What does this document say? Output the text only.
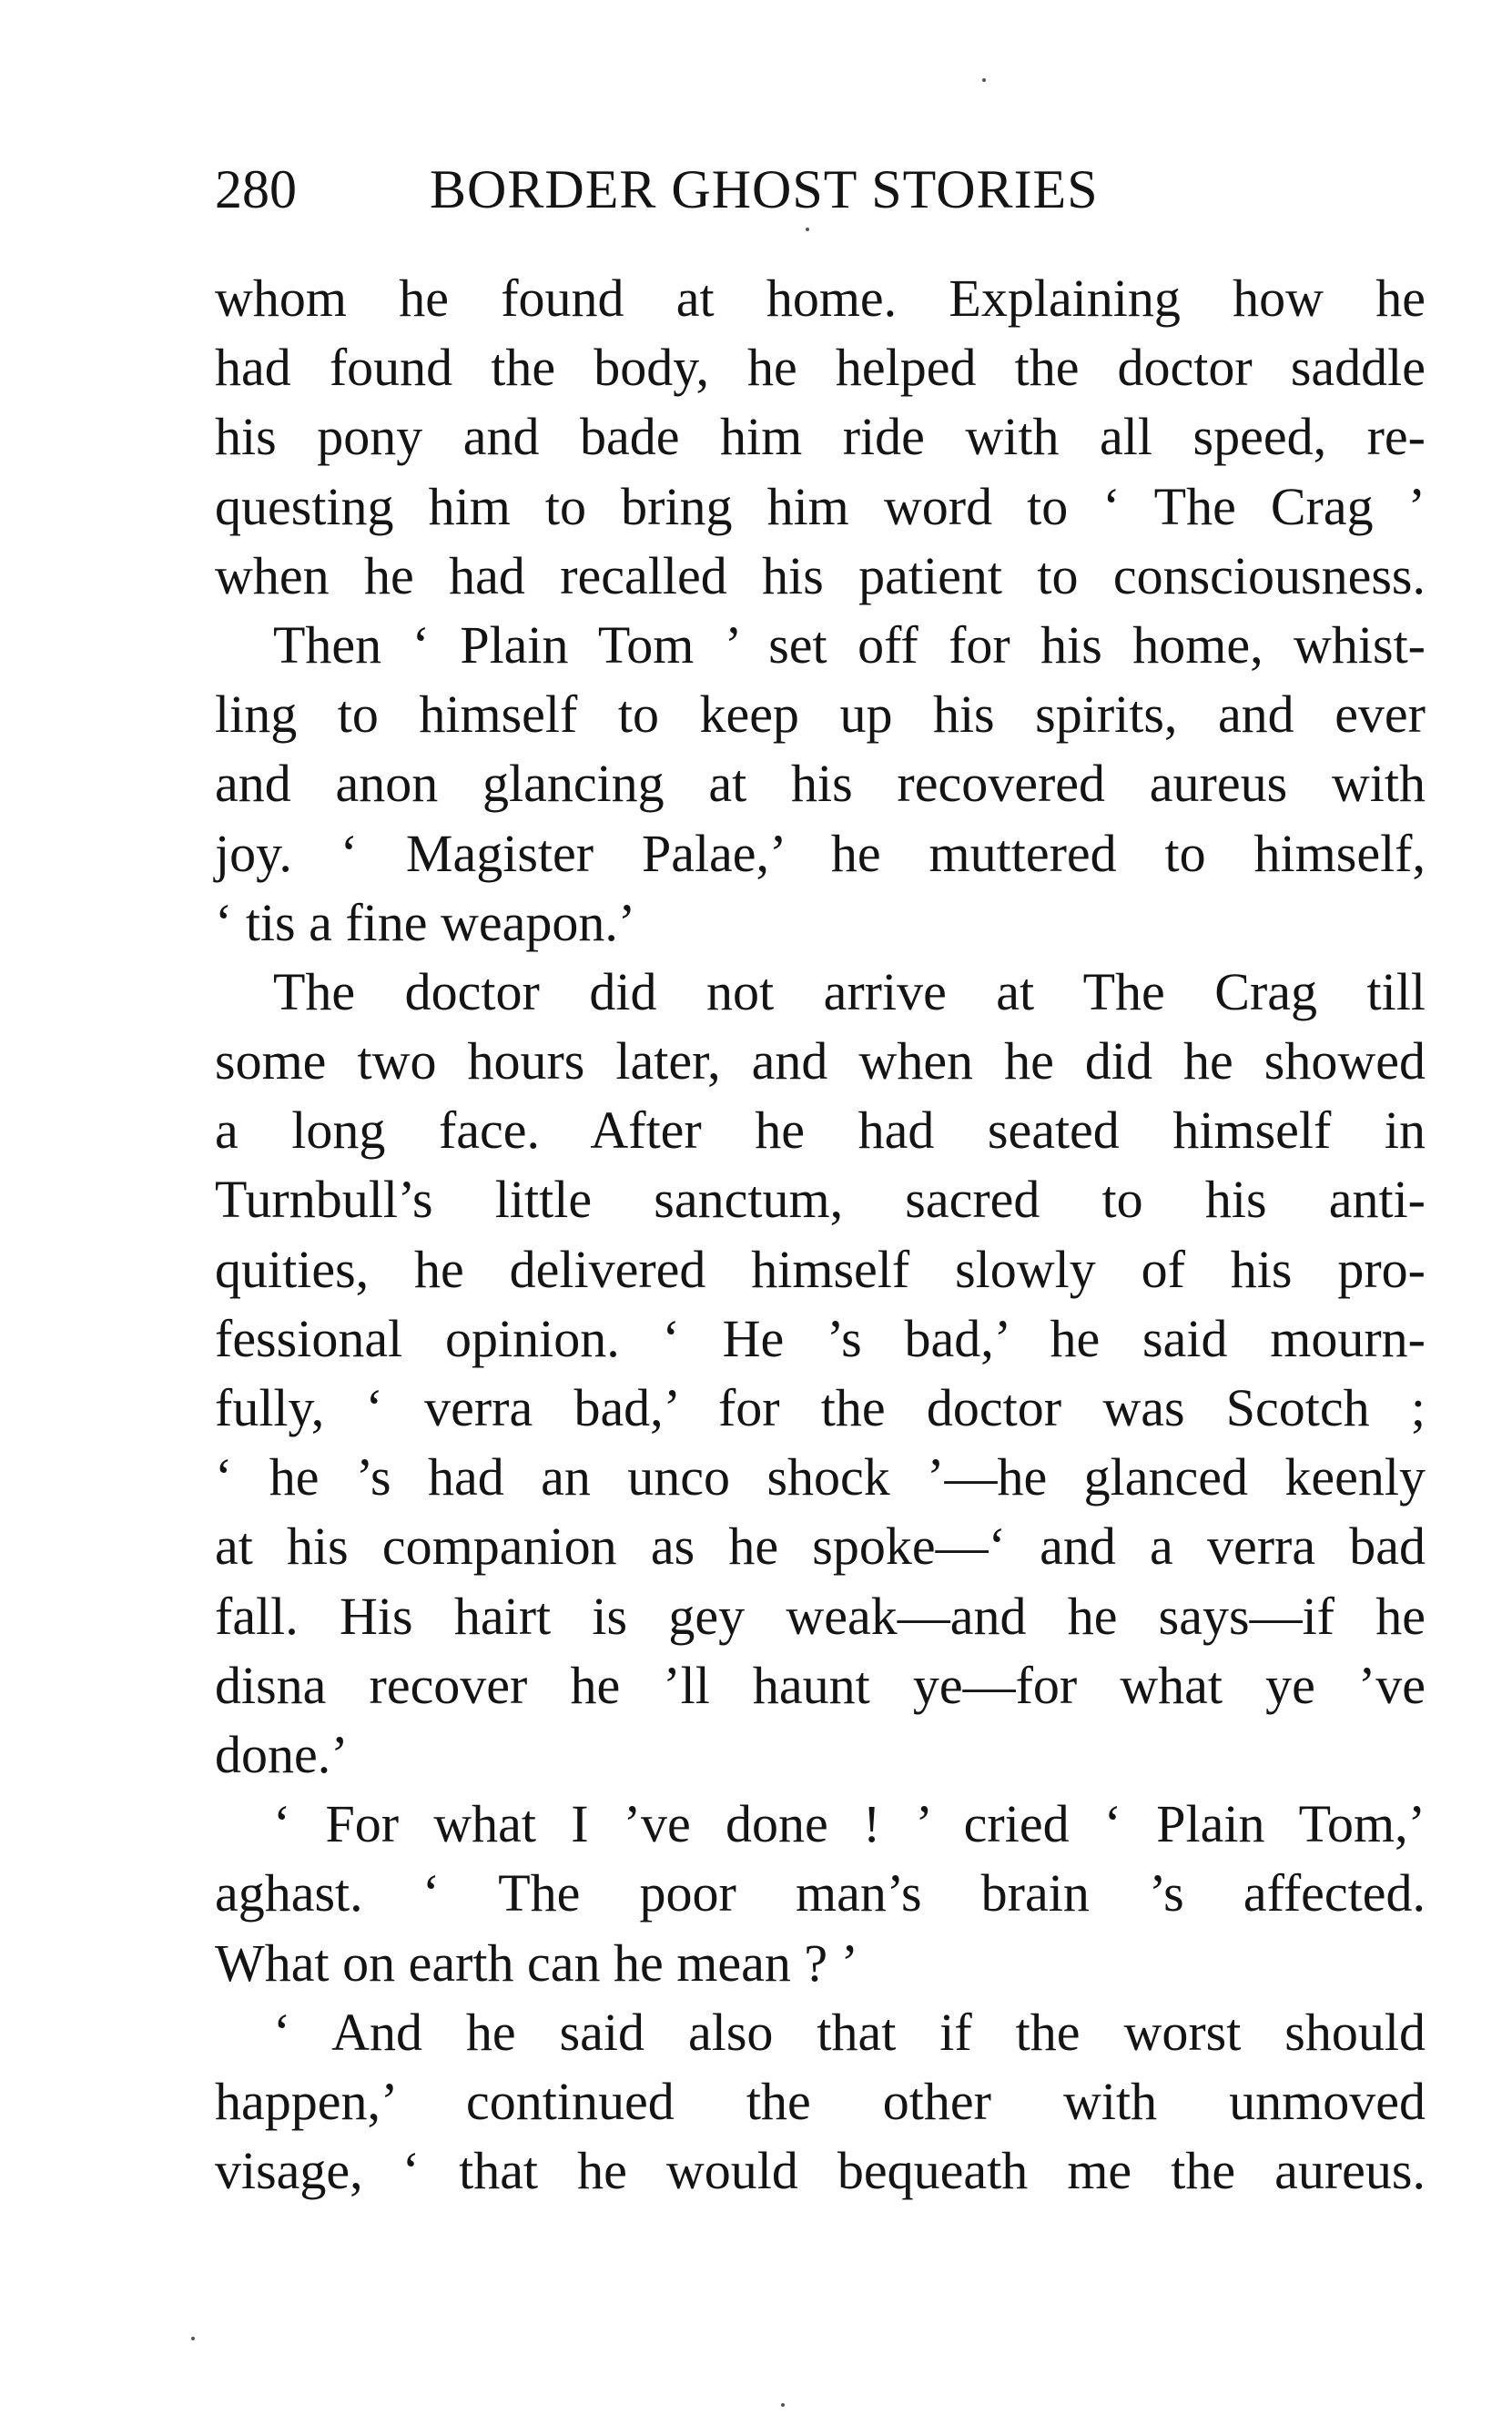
280 BORDER GHOST STORIES
whom he found at home. Explaining how he
had found the body, he helped the doctor saddle
his pony and bade him ride with all speed, re-
questing him to bring him word to ‘ The Crag ’
when he had recalled his patient to consciousness.
Then ‘ Plain Tom ’ set off for his home, whist-
ling to himself to keep up his spirits, and ever
and anon glancing at his recovered aureus with
joy. ‘ Magister Palae,’ he muttered to himself,
‘ tis a fine weapon.’
The doctor did not arrive at The Crag till
some two hours later, and when he did he showed
a long face. After he had seated himself in
Turnbull’s little sanctum, sacred to his anti-
quities, he delivered himself slowly of his pro-
fessional opinion. ‘ He ’s bad,’ he said mourn-
fully, ‘ verra bad,’ for the doctor was Scotch ;
‘ he ’s had an unco shock ’—he glanced keenly
at his companion as he spoke—‘ and a verra bad
fall. His hairt is gey weak—and he says—if he
disna recover he ’ll haunt ye—for what ye ’ve
done.’
‘ For what I ’ve done ! ’ cried ‘ Plain Tom,’
aghast. ‘ The poor man’s brain ’s affected.
What on earth can he mean ? ’
‘ And he said also that if the worst should
happen,’ continued the other with unmoved
visage, ‘ that he would bequeath me the aureus.
